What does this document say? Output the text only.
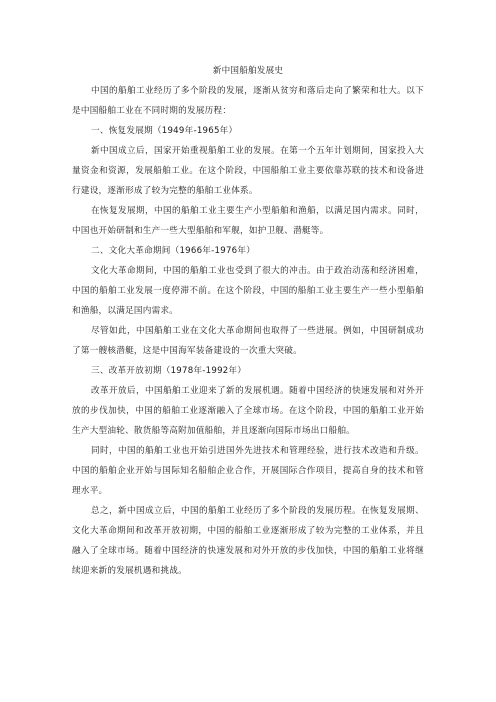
新中国船舶发展史

中国的船舶工业经历了多个阶段的发展，逐渐从贫穷和落后走向了繁荣和壮大。以下是中国船舶工业在不同时期的发展历程：

一、恢复发展期（1949年-1965年）

新中国成立后，国家开始重视船舶工业的发展。在第一个五年计划期间，国家投入大量资金和资源，发展船舶工业。在这个阶段，中国船舶工业主要依靠苏联的技术和设备进行建设，逐渐形成了较为完整的船舶工业体系。

在恢复发展期，中国的船舶工业主要生产小型船舶和渔船，以满足国内需求。同时，中国也开始研制和生产一些大型船舶和军舰，如护卫舰、潜艇等。

二、文化大革命期间（1966年-1976年）

文化大革命期间，中国的船舶工业也受到了很大的冲击。由于政治动荡和经济困难，中国的船舶工业发展一度停滞不前。在这个阶段，中国的船舶工业主要生产一些小型船舶和渔船，以满足国内需求。

尽管如此，中国船舶工业在文化大革命期间也取得了一些进展。例如，中国研制成功了第一艘核潜艇，这是中国海军装备建设的一次重大突破。

三、改革开放初期（1978年-1992年）

改革开放后，中国船舶工业迎来了新的发展机遇。随着中国经济的快速发展和对外开放的步伐加快，中国的船舶工业逐渐融入了全球市场。在这个阶段，中国的船舶工业开始生产大型油轮、散货船等高附加值船舶，并且逐渐向国际市场出口船舶。

同时，中国的船舶工业也开始引进国外先进技术和管理经验，进行技术改造和升级。中国的船舶企业开始与国际知名船舶企业合作，开展国际合作项目，提高自身的技术和管理水平。

总之，新中国成立后，中国的船舶工业经历了多个阶段的发展历程。在恢复发展期、文化大革命期间和改革开放初期，中国的船舶工业逐渐形成了较为完整的工业体系，并且融入了全球市场。随着中国经济的快速发展和对外开放的步伐加快，中国的船舶工业将继续迎来新的发展机遇和挑战。
